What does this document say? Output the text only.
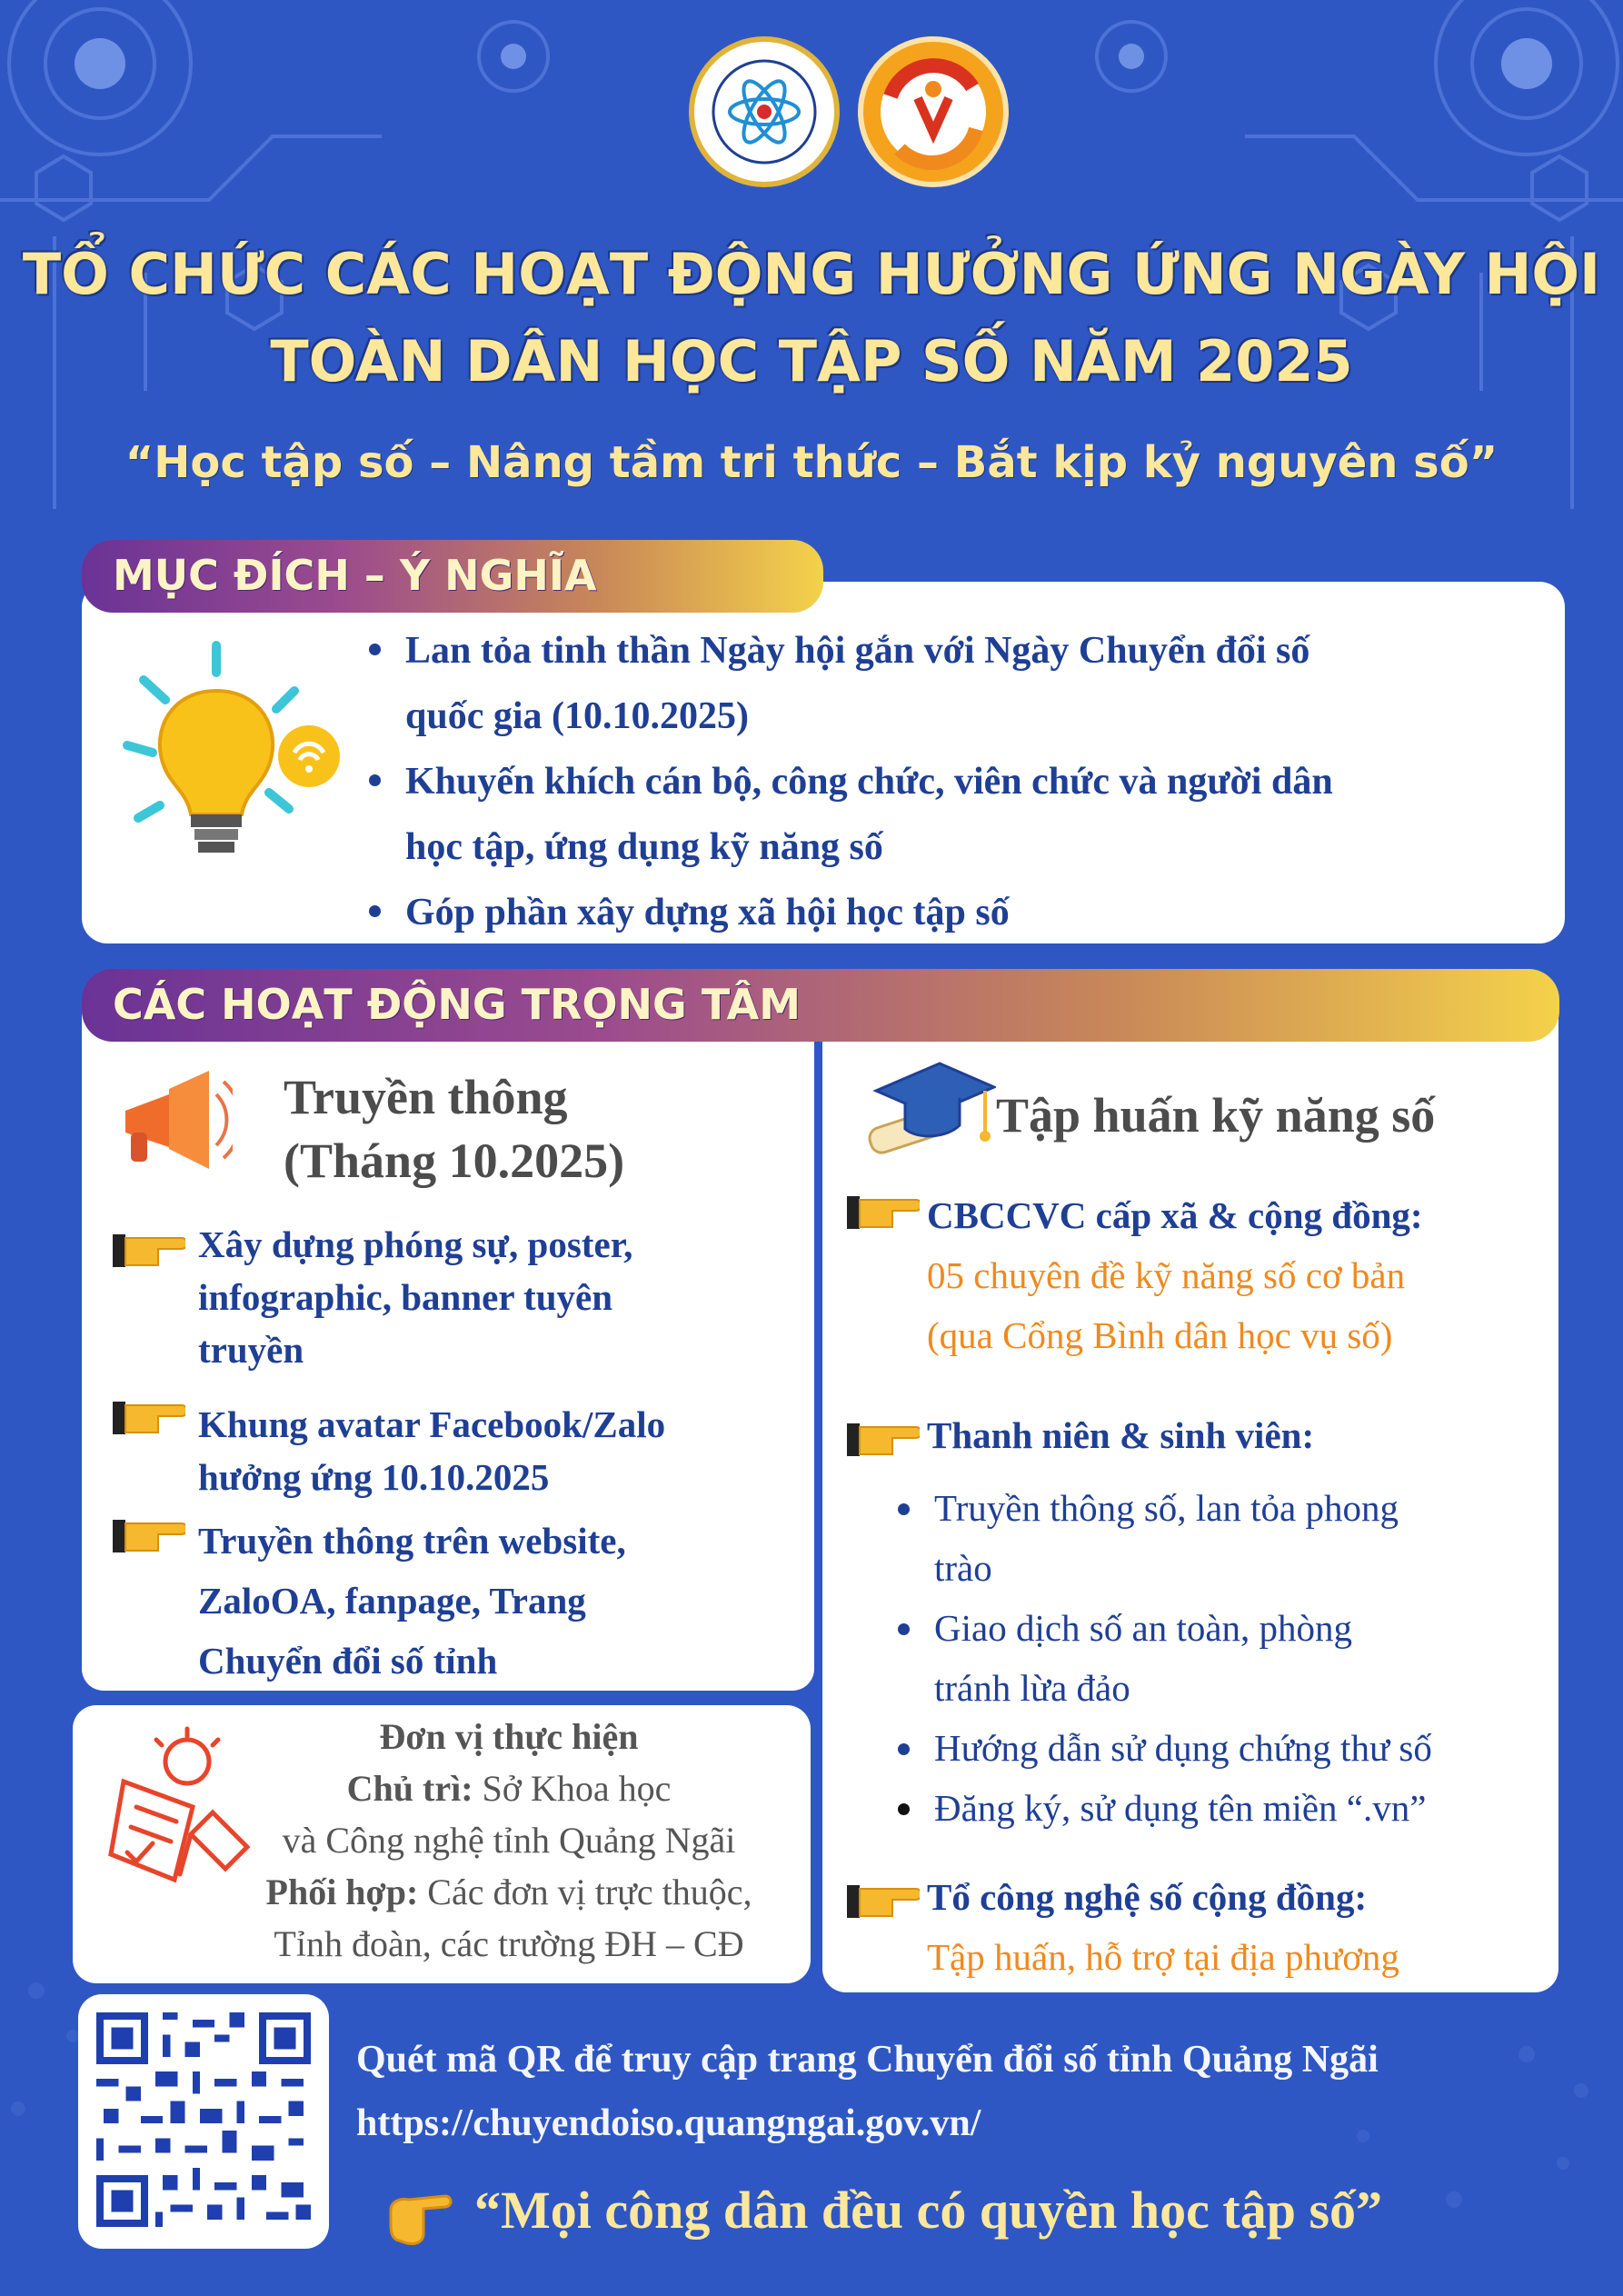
TỔ CHỨC CÁC HOẠT ĐỘNG HƯỞNG ỨNG NGÀY HỘI
TOÀN DÂN HỌC TẬP SỐ NĂM 2025
“Học tập số – Nâng tầm tri thức – Bắt kịp kỷ nguyên số”
MỤC ĐÍCH – Ý NGHĨA
Lan tỏa tinh thần Ngày hội gắn với Ngày Chuyển đổi số
quốc gia (10.10.2025)
Khuyến khích cán bộ, công chức, viên chức và người dân
học tập, ứng dụng kỹ năng số
Góp phần xây dựng xã hội học tập số
CÁC HOẠT ĐỘNG TRỌNG TÂM
Truyền thông
(Tháng 10.2025)
Xây dựng phóng sự, poster,
infographic, banner tuyên
truyền
Khung avatar Facebook/Zalo
hưởng ứng 10.10.2025
Truyền thông trên website,
ZaloOA, fanpage, Trang
Chuyển đổi số tỉnh
Đơn vị thực hiện
Chủ trì: Sở Khoa học
và Công nghệ tỉnh Quảng Ngãi
Phối hợp: Các đơn vị trực thuộc,
Tỉnh đoàn, các trường ĐH – CĐ
Tập huấn kỹ năng số
CBCCVC cấp xã & cộng đồng:
05 chuyên đề kỹ năng số cơ bản
(qua Cổng Bình dân học vụ số)
Thanh niên & sinh viên:
Truyền thông số, lan tỏa phong
trào
Giao dịch số an toàn, phòng
tránh lừa đảo
Hướng dẫn sử dụng chứng thư số
Đăng ký, sử dụng tên miền “.vn”
Tổ công nghệ số cộng đồng:
Tập huấn, hỗ trợ tại địa phương
Quét mã QR để truy cập trang Chuyển đổi số tỉnh Quảng Ngãi
https://chuyendoiso.quangngai.gov.vn/
“Mọi công dân đều có quyền học tập số”
